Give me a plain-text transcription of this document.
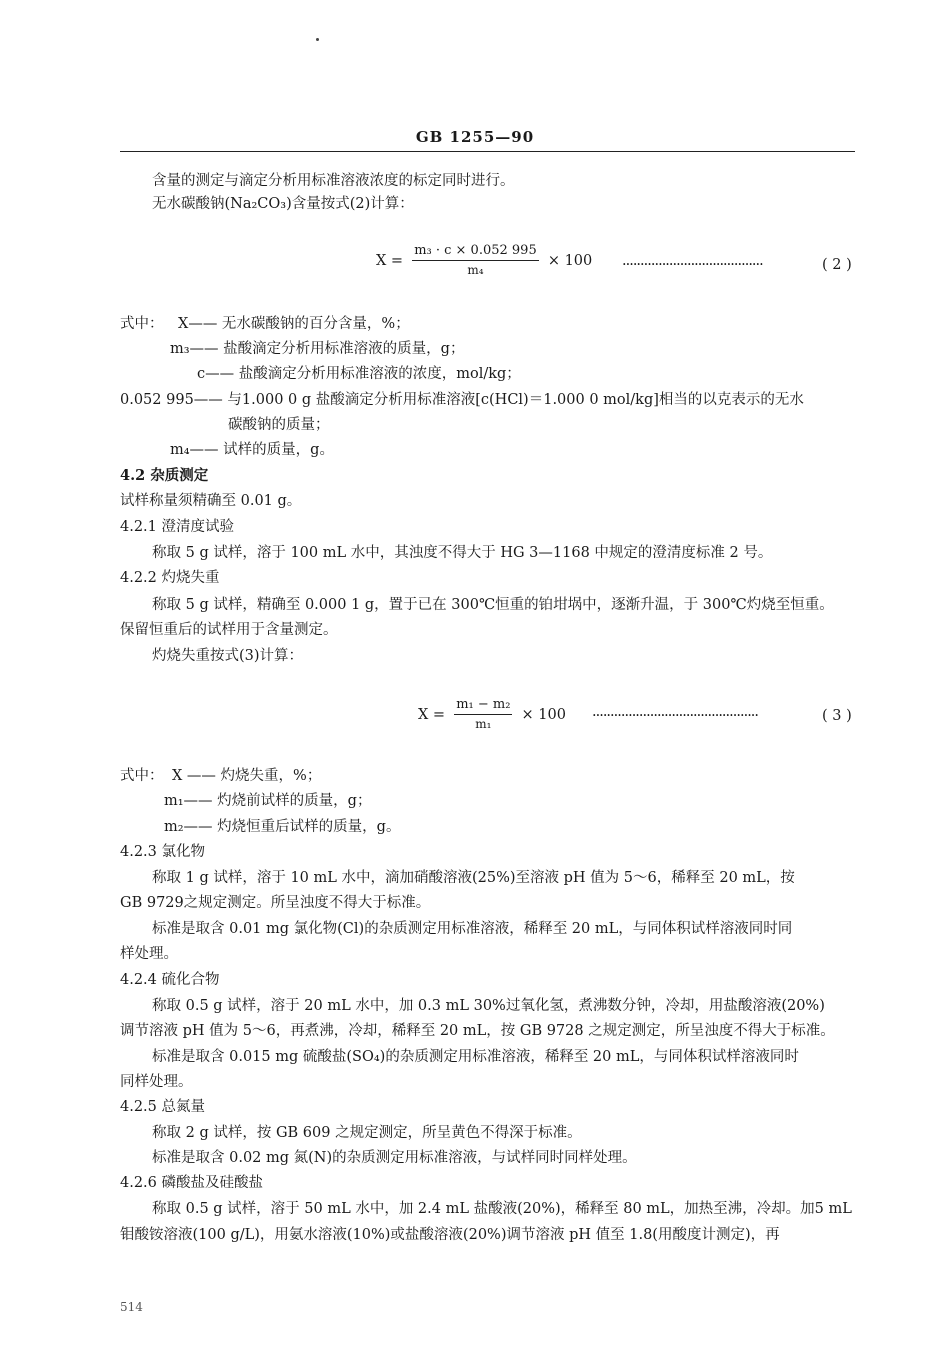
GB 1255—90
含量的测定与滴定分析用标准溶液浓度的标定同时进行。
无水碳酸钠(Na₂CO₃)含量按式(2)计算：
$X = \frac{\text{m₃ · c × 0.052 995}}{\text{m₄}} \times 100$ ·······································	( 2 )
式中： X—— 无水碳酸钠的百分含量，%；
m₃—— 盐酸滴定分析用标准溶液的质量，g；
c—— 盐酸滴定分析用标准溶液的浓度，mol/kg；
0.052 995—— 与1.000 0 g 盐酸滴定分析用标准溶液[c(HCl)＝1.000 0 mol/kg]相当的以克表示的无水
碳酸钠的质量；
m₄—— 试样的质量，g。
4.2 杂质测定
试样称量须精确至 0.01 g。
4.2.1 澄清度试验
称取 5 g 试样，溶于 100 mL 水中，其浊度不得大于 HG 3—1168 中规定的澄清度标准 2 号。
4.2.2 灼烧失重
称取 5 g 试样，精确至 0.000 1 g，置于已在 300℃恒重的铂坩埚中，逐渐升温，于 300℃灼烧至恒重。
保留恒重后的试样用于含量测定。
灼烧失重按式(3)计算：
$X = \frac{\text{m₁ − m₂}}{\text{m₁}} \times 100$ ··············································	( 3 )
式中： X —— 灼烧失重，%；
m₁—— 灼烧前试样的质量，g；
m₂—— 灼烧恒重后试样的质量，g。
4.2.3 氯化物
称取 1 g 试样，溶于 10 mL 水中，滴加硝酸溶液(25%)至溶液 pH 值为 5～6，稀释至 20 mL，按
GB 9729之规定测定。所呈浊度不得大于标准。
标准是取含 0.01 mg 氯化物(Cl)的杂质测定用标准溶液，稀释至 20 mL，与同体积试样溶液同时同
样处理。
4.2.4 硫化合物
称取 0.5 g 试样，溶于 20 mL 水中，加 0.3 mL 30%过氧化氢，煮沸数分钟，冷却，用盐酸溶液(20%)
调节溶液 pH 值为 5～6，再煮沸，冷却，稀释至 20 mL，按 GB 9728 之规定测定，所呈浊度不得大于标准。
标准是取含 0.015 mg 硫酸盐(SO₄)的杂质测定用标准溶液，稀释至 20 mL，与同体积试样溶液同时
同样处理。
4.2.5 总氮量
称取 2 g 试样，按 GB 609 之规定测定，所呈黄色不得深于标准。
标准是取含 0.02 mg 氮(N)的杂质测定用标准溶液，与试样同时同样处理。
4.2.6 磷酸盐及硅酸盐
称取 0.5 g 试样，溶于 50 mL 水中，加 2.4 mL 盐酸液(20%)，稀释至 80 mL，加热至沸，冷却。加5 mL
钼酸铵溶液(100 g/L)，用氨水溶液(10%)或盐酸溶液(20%)调节溶液 pH 值至 1.8(用酸度计测定)，再
514
